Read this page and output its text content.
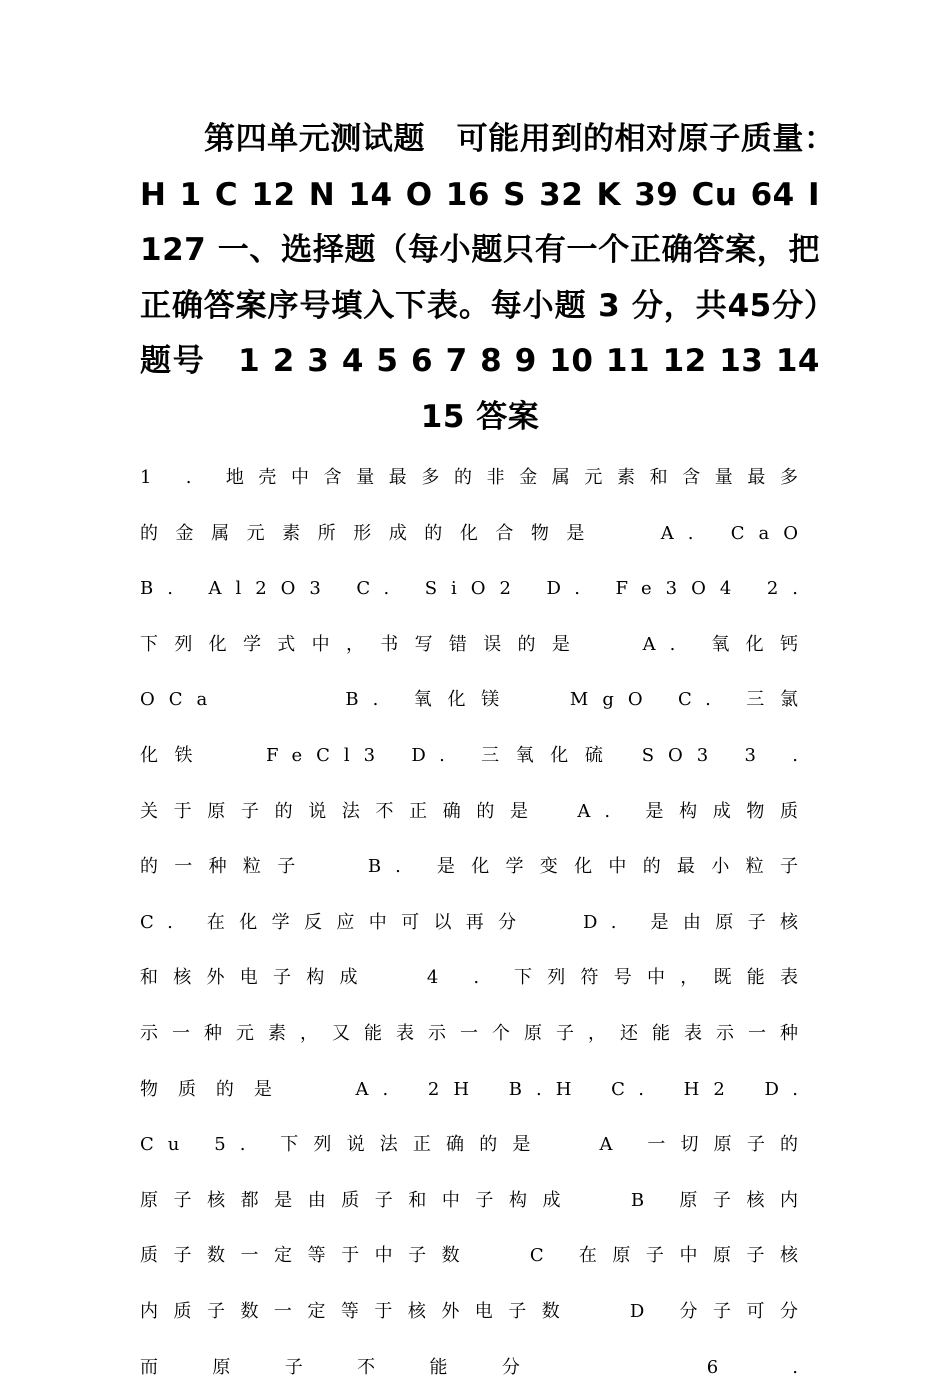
第四单元测试题　可能用到的相对原子质量：　H 1 C 12 N 14 O 16 S 32 K 39 Cu 64 I 127 一、选择题（每小题只有一个正确答案，把正确答案序号填入下表。每小题 3 分，共45分）　题号　1 2 3 4 5 6 7 8 9 10 11 12 13 14 15 答案

1 . 地壳中含量最多的非金属元素和含量最多的金属元素所形成的化合物是　 A. CaO B. Al2O3 C. SiO2 D. Fe3O4 2. 下列化学式中，书写错误的是　 A. 氧化钙　 OCa　　　 B. 氧化镁　 MgO C. 三氯化铁　 FeCl3 D. 三氧化硫 SO3 3 . 关于原子的说法不正确的是　A. 是构成物质的一种粒子　 B. 是化学变化中的最小粒子　 C. 在化学反应中可以再分　 D. 是由原子核和核外电子构成　 4 . 下列符号中，既能表示一种元素，又能表示一个原子，还能表示一种物质的是　 A. 2H B.H C. H2 D. Cu 5. 下列说法正确的是　 A 一切原子的原子核都是由质子和中子构成　 B 原子核内质子数一定等于中子数　 C 在原子中原子核内质子数一定等于核外电子数　 D 分子可分而原子不能分　 6 .
